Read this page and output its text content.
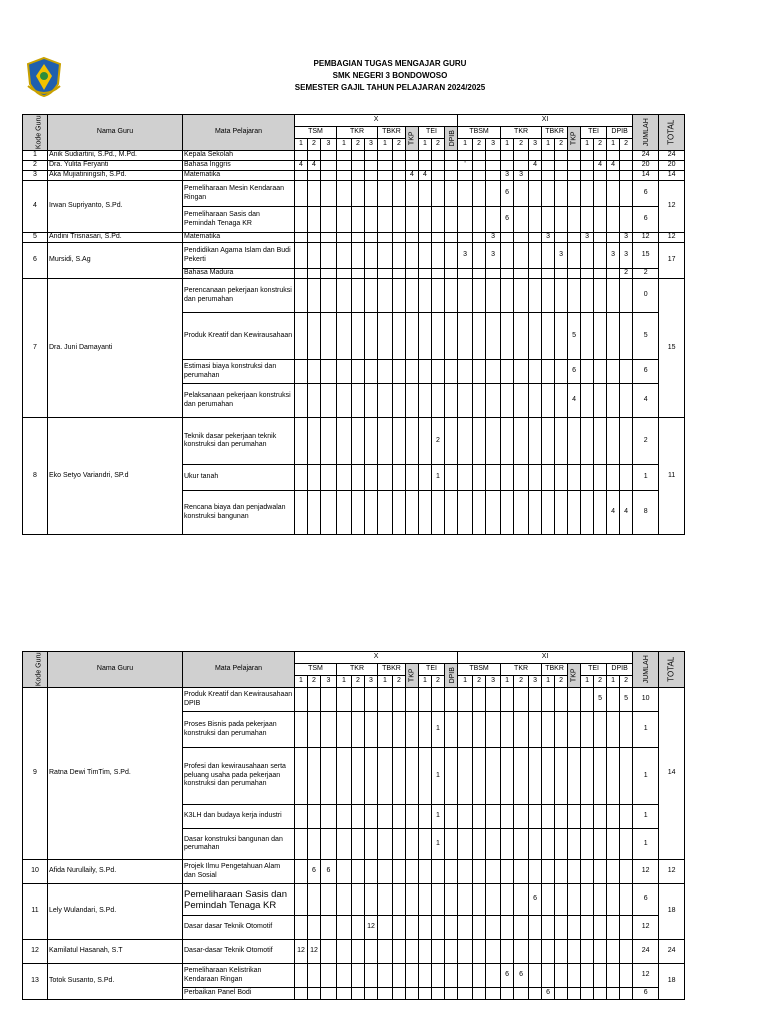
PEMBAGIAN TUGAS MENGAJAR GURU
SMK NEGERI 3 BONDOWOSO
SEMESTER GAJIL TAHUN PELAJARAN 2024/2025
Kode Guru	Nama Guru	Mata Pelajaran	X												XI													JUMLAH	TOTAL
			TSM			TKR			TBKR		TKP	TEI		DPIB	TBSM			TKR			TBKR		TKP	TEI		DPIB			
			1	2	3	1	2	3	1	2		1	2		1	2	3	1	2	3	1	2		1	2	1	2		
1	Anik Sudiartini, S.Pd., M.Pd.	Kepala Sekolah																										24	24
2	Dra. Yulita Feryanti	Bahasa Inggris	4	4											'					4					4	4		20	20
3	Aka Mujiatiningsih, S.Pd.	Matematika									4	4						3	3									14	14
4	Irwan Supriyanto, S.Pd.	Pemeliharaan Mesin Kendaraan Ringan																6										6	12
		Pemeliharaan Sasis dan Pemindah Tenaga KR																6										6	
5	Andini Trisnasari, S.Pd.	Matematika															3				3			3			3	12	12
6	Mursidi, S.Ag	Pendidikan Agama Islam dan Budi Pekerti													3		3					3				3	3	15	17
		Bahasa Madura																									2	2	
7	Dra. Juni Damayanti	Perencanaan pekerjaan konstruksi dan perumahan																										0	15
		Produk Kreatif dan Kewirausahaan																					5					5	
		Estimasi biaya konstruksi dan perumahan																					6					6	
		Pelaksanaan pekerjaan konstruksi dan perumahan																					4					4	
8	Eko Setyo Variandri, SP.d	Teknik dasar pekerjaan teknik konstruksi dan perumahan											2															2	11
		Ukur tanah											1															1	
		Rencana biaya dan penjadwalan konstruksi bangunan																								4	4	8	
Kode Guru	Nama Guru	Mata Pelajaran	X												XI													JUMLAH	TOTAL
			TSM			TKR			TBKR		TKP	TEI		DPIB	TBSM			TKR			TBKR		TKP	TEI		DPIB			
			1	2	3	1	2	3	1	2		1	2		1	2	3	1	2	3	1	2		1	2	1	2		
9	Ratna Dewi TimTim, S.Pd.	Produk Kreatif dan Kewirausahaan DPIB																							5		5	10	14
		Proses Bisnis pada pekerjaan konstruksi dan perumahan											1															1	
		Profesi dan kewirausahaan serta peluang usaha pada pekerjaan konstruksi dan perumahan											1															1	
		K3LH dan budaya kerja industri											1															1	
		Dasar konstruksi bangunan dan perumahan											1															1	
10	Afida Nurullaily, S.Pd.	Projek Ilmu Pengetahuan Alam dan Sosial		6	6																							12	12
11	Lely Wulandari, S.Pd.	Pemeliharaan Sasis dan Pemindah Tenaga KR																		6								6	18
		Dasar dasar Teknik Otomotif						12																				12	
12	Kamilatul Hasanah, S.T	Dasar-dasar Teknik Otomotif	12	12																								24	24
13	Totok Susanto, S.Pd.	Pemeliharaan Kelistrikan Kendaraan Ringan																6	6									12	18
		Perbaikan Panel Bodi																			6							6	
